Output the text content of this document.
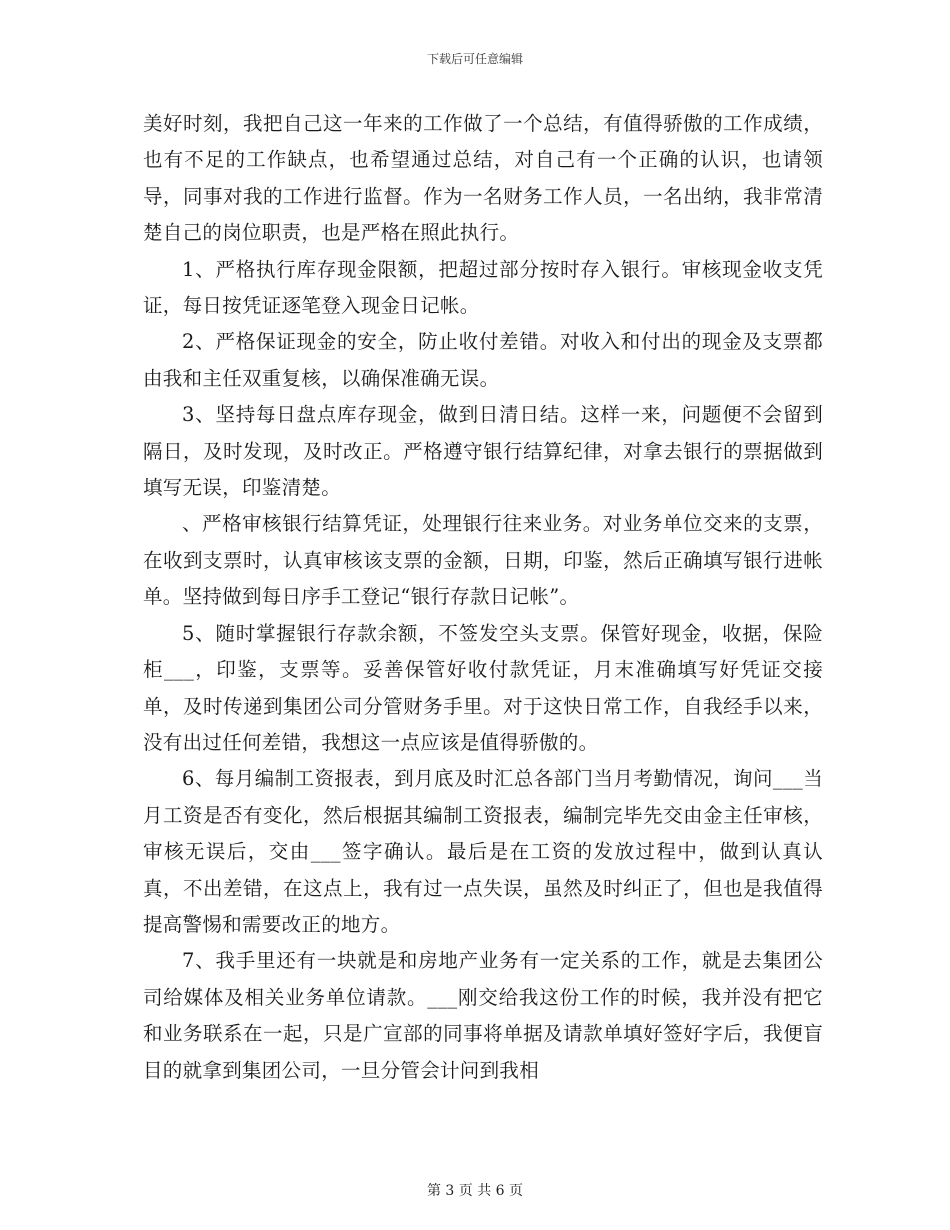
下载后可任意编辑

美好时刻，我把自己这一年来的工作做了一个总结，有值得骄傲的工作成绩，也有不足的工作缺点，也希望通过总结，对自己有一个正确的认识，也请领导，同事对我的工作进行监督。作为一名财务工作人员，一名出纳，我非常清楚自己的岗位职责，也是严格在照此执行。

1、严格执行库存现金限额，把超过部分按时存入银行。审核现金收支凭证，每日按凭证逐笔登入现金日记帐。

2、严格保证现金的安全，防止收付差错。对收入和付出的现金及支票都由我和主任双重复核，以确保准确无误。

3、坚持每日盘点库存现金，做到日清日结。这样一来，问题便不会留到隔日，及时发现，及时改正。严格遵守银行结算纪律，对拿去银行的票据做到填写无误，印鉴清楚。

、严格审核银行结算凭证，处理银行往来业务。对业务单位交来的支票，在收到支票时，认真审核该支票的金额，日期，印鉴，然后正确填写银行进帐单。坚持做到每日序手工登记“银行存款日记帐”。

5、随时掌握银行存款余额，不签发空头支票。保管好现金，收据，保险柜___，印鉴，支票等。妥善保管好收付款凭证，月末准确填写好凭证交接单，及时传递到集团公司分管财务手里。对于这快日常工作，自我经手以来，没有出过任何差错，我想这一点应该是值得骄傲的。

6、每月编制工资报表，到月底及时汇总各部门当月考勤情况，询问___当月工资是否有变化，然后根据其编制工资报表，编制完毕先交由金主任审核，审核无误后，交由___签字确认。最后是在工资的发放过程中，做到认真认真，不出差错，在这点上，我有过一点失误，虽然及时纠正了，但也是我值得提高警惕和需要改正的地方。

7、我手里还有一块就是和房地产业务有一定关系的工作，就是去集团公司给媒体及相关业务单位请款。___刚交给我这份工作的时候，我并没有把它和业务联系在一起，只是广宣部的同事将单据及请款单填好签好字后，我便盲目的就拿到集团公司，一旦分管会计问到我相

第 3 页 共 6 页
